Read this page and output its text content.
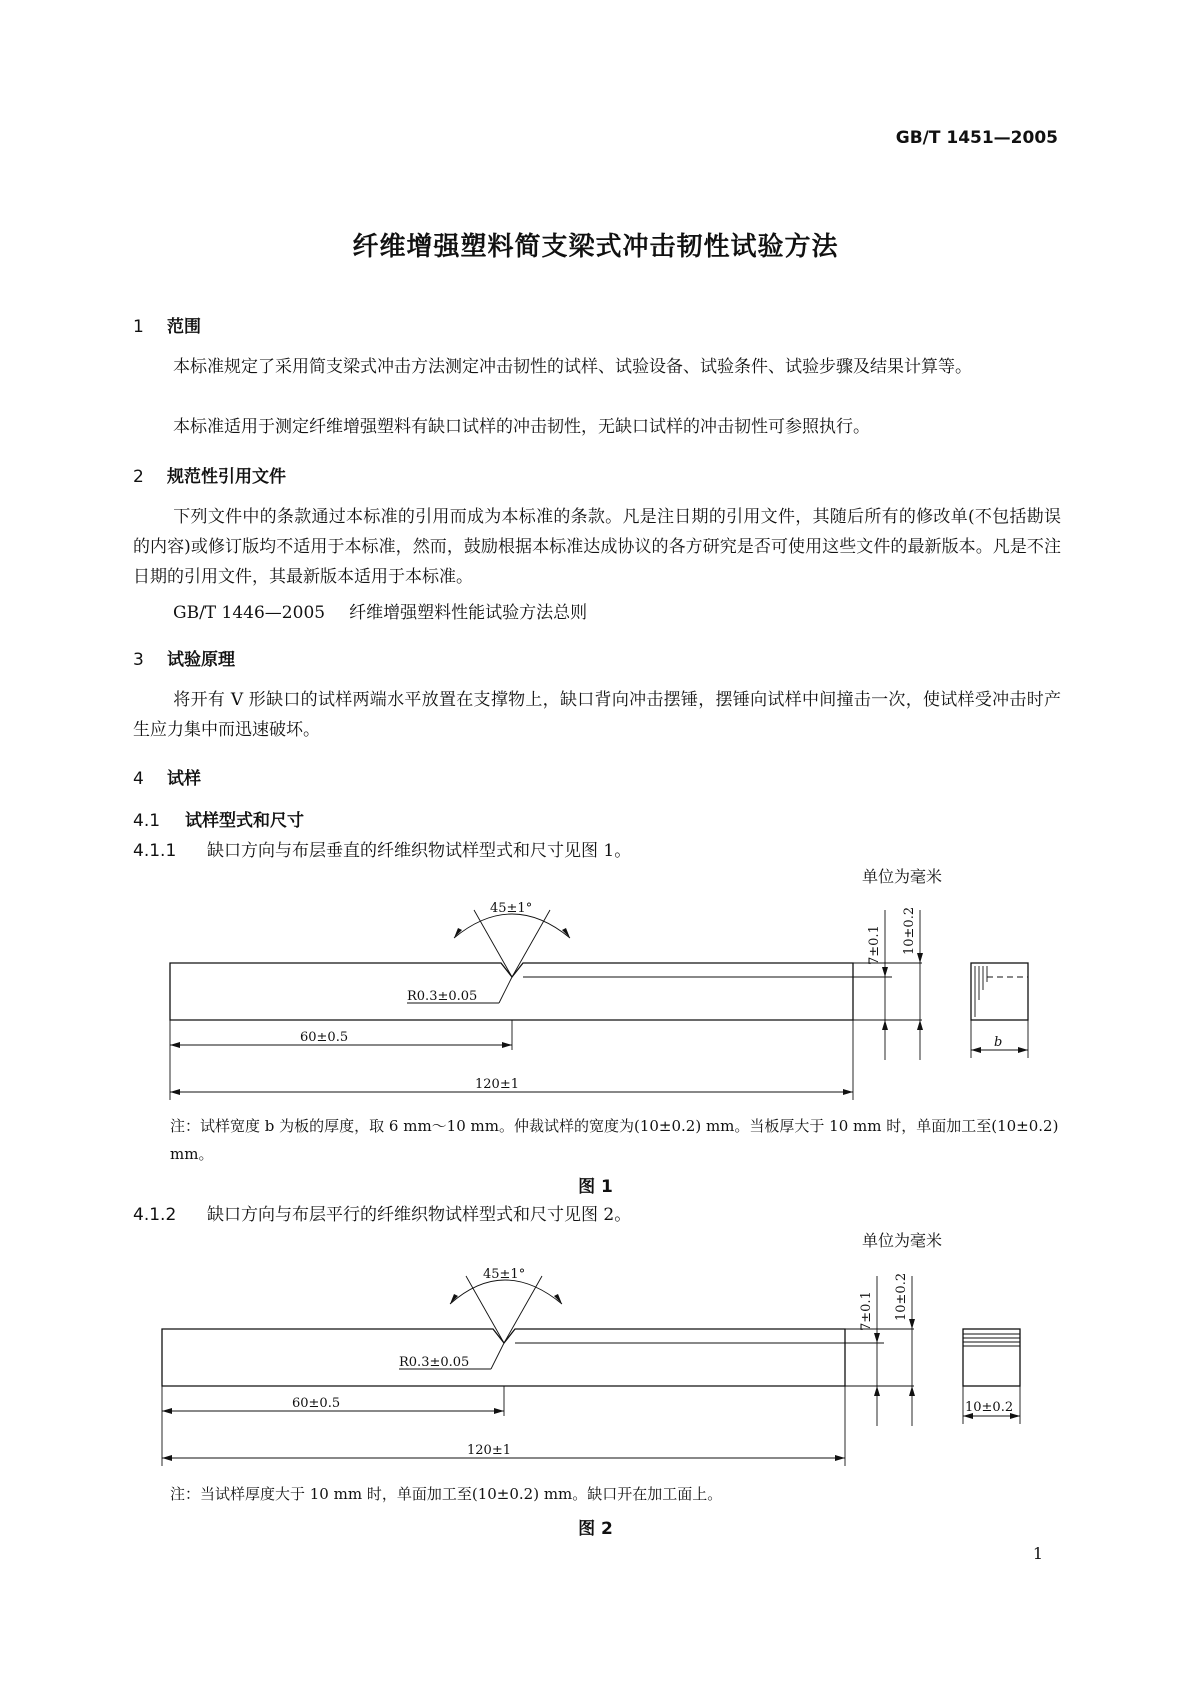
GB/T 1451—2005
纤维增强塑料简支梁式冲击韧性试验方法
1 范围
本标准规定了采用简支梁式冲击方法测定冲击韧性的试样、试验设备、试验条件、试验步骤及结果计算等。
本标准适用于测定纤维增强塑料有缺口试样的冲击韧性，无缺口试样的冲击韧性可参照执行。
2 规范性引用文件
下列文件中的条款通过本标准的引用而成为本标准的条款。凡是注日期的引用文件，其随后所有的修改单(不包括勘误的内容)或修订版均不适用于本标准，然而，鼓励根据本标准达成协议的各方研究是否可使用这些文件的最新版本。凡是不注日期的引用文件，其最新版本适用于本标准。
GB/T 1446—2005 纤维增强塑料性能试验方法总则
3 试验原理
将开有 V 形缺口的试样两端水平放置在支撑物上，缺口背向冲击摆锤，摆锤向试样中间撞击一次，使试样受冲击时产生应力集中而迅速破坏。
4 试样
4.1 试样型式和尺寸
4.1.1 缺口方向与布层垂直的纤维织物试样型式和尺寸见图 1。
单位为毫米
45±1°
R0.3±0.05
60±0.5
120±1
7±0.1 10±0.2
b
注：试样宽度 b 为板的厚度，取 6 mm～10 mm。仲裁试样的宽度为(10±0.2) mm。当板厚大于 10 mm 时，单面加工至(10±0.2) mm。
图 1
4.1.2 缺口方向与布层平行的纤维织物试样型式和尺寸见图 2。
单位为毫米
45±1°
R0.3±0.05
60±0.5
120±1
7±0.1 10±0.2
10±0.2
注：当试样厚度大于 10 mm 时，单面加工至(10±0.2) mm。缺口开在加工面上。
图 2
1
